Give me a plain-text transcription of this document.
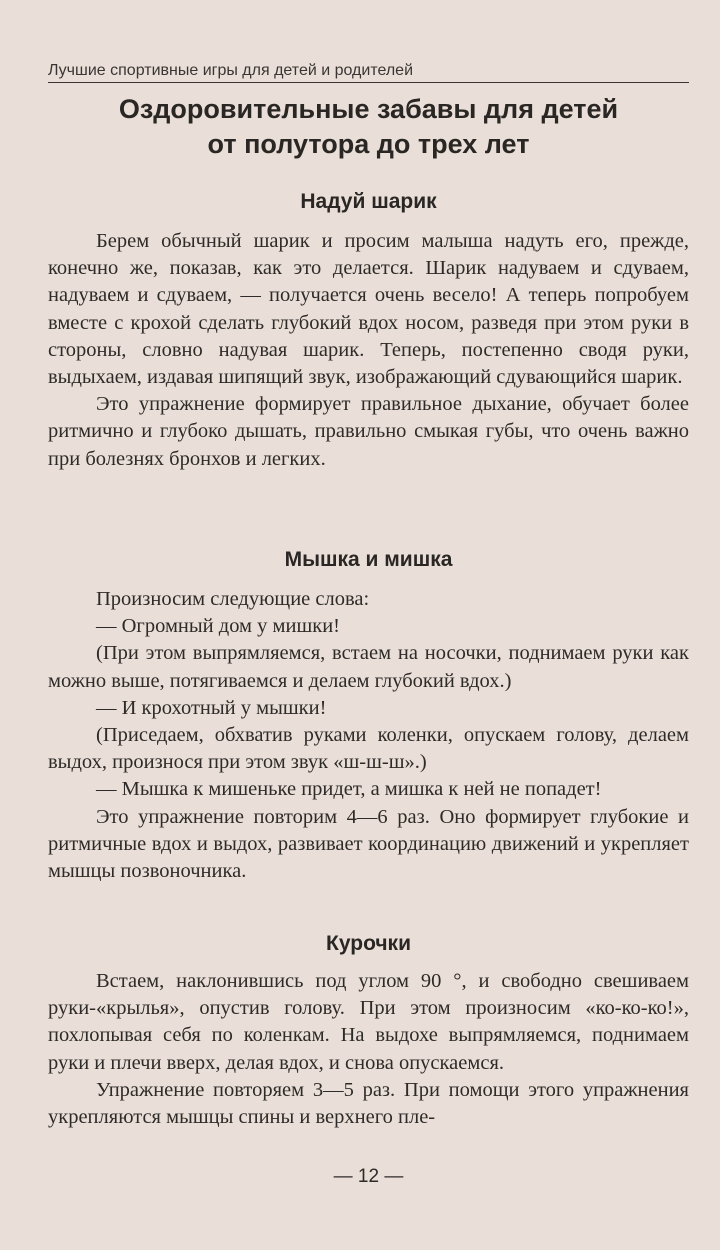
Лучшие спортивные игры для детей и родителей
Оздоровительные забавы для детей
от полутора до трех лет
Надуй шарик

Берем обычный шарик и просим малыша надуть его, прежде, конечно же, показав, как это делается. Шарик надуваем и сдуваем, надуваем и сдуваем, — получается очень весело! А теперь попробуем вместе с крохой сделать глубокий вдох носом, разведя при этом руки в стороны, словно надувая шарик. Теперь, постепенно сводя руки, выдыхаем, издавая шипящий звук, изображающий сдувающийся шарик.

Это упражнение формирует правильное дыхание, обучает более ритмично и глубоко дышать, правильно смыкая губы, что очень важно при болезнях бронхов и легких.

Мышка и мишка

Произносим следующие слова:

— Огромный дом у мишки!

(При этом выпрямляемся, встаем на носочки, поднимаем руки как можно выше, потягиваемся и делаем глубокий вдох.)

— И крохотный у мышки!

(Приседаем, обхватив руками коленки, опускаем голову, делаем выдох, произнося при этом звук «ш-ш-ш».)

— Мышка к мишеньке придет, а мишка к ней не попадет!

Это упражнение повторим 4—6 раз. Оно формирует глубокие и ритмичные вдох и выдох, развивает координацию движений и укрепляет мышцы позвоночника.

Курочки

Встаем, наклонившись под углом 90 °, и свободно свешиваем руки-«крылья», опустив голову. При этом произносим «ко-ко-ко!», похлопывая себя по коленкам. На выдохе выпрямляемся, поднимаем руки и плечи вверх, делая вдох, и снова опускаемся.

Упражнение повторяем 3—5 раз. При помощи этого упражнения укрепляются мышцы спины и верхнего пле-

— 12 —
